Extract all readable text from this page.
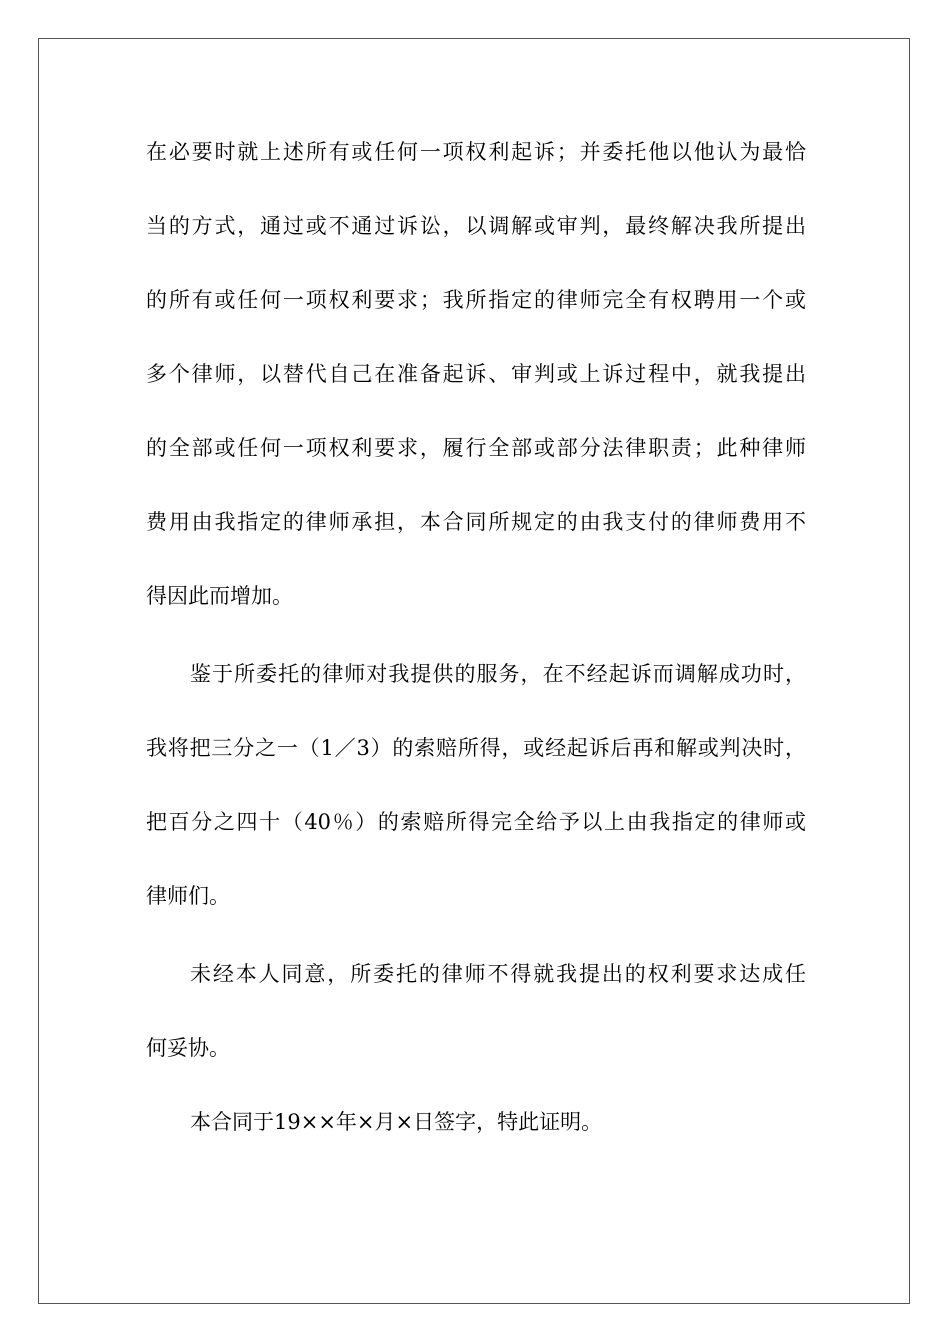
在必要时就上述所有或任何一项权利起诉；并委托他以他认为最恰

当的方式，通过或不通过诉讼，以调解或审判，最终解决我所提出

的所有或任何一项权利要求；我所指定的律师完全有权聘用一个或

多个律师，以替代自己在准备起诉、审判或上诉过程中，就我提出

的全部或任何一项权利要求，履行全部或部分法律职责；此种律师

费用由我指定的律师承担，本合同所规定的由我支付的律师费用不

得因此而增加。

鉴于所委托的律师对我提供的服务，在不经起诉而调解成功时，

我将把三分之一（1／3）的索赔所得，或经起诉后再和解或判决时，

把百分之四十（40％）的索赔所得完全给予以上由我指定的律师或

律师们。

未经本人同意，所委托的律师不得就我提出的权利要求达成任

何妥协。

本合同于19××年×月×日签字，特此证明。
